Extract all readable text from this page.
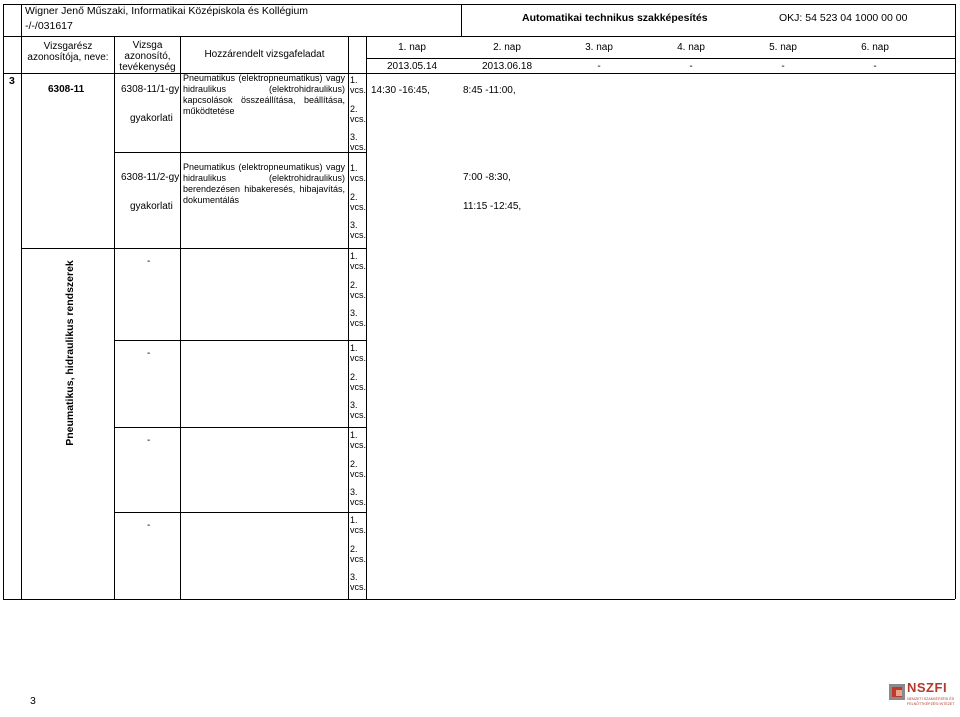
Wigner Jenő Műszaki, Informatikai Középiskola és Kollégium
-/-/031617
Automatikai technikus szakképesítés	OKJ: 54 523 04 1000 00 00
Vizsgarész azonosítója, neve:
Vizsga
azonosító,
tevékenység
Hozzárendelt vizsgafeladat
1. nap
2013.05.14
2. nap
2013.06.18
3. nap
-
4. nap
-
5. nap
-
6. nap
-
3
6308-11
Pneumatikus, hidraulikus rendszerek
6308-11/1-gy
gyakorlati
Pneumatikus (elektropneumatikus) vagy hidraulikus (elektrohidraulikus) kapcsolások összeállítása, beállítása, működtetése
6308-11/2-gy
gyakorlati
Pneumatikus (elektropneumatikus) vagy hidraulikus (elektrohidraulikus) berendezésen hibakeresés, hibajavítás, dokumentálás
-
-
-
-
1. vcs.
2. vcs.
3. vcs.
1. vcs.
2. vcs.
3. vcs.
1. vcs.
2. vcs.
3. vcs.
1. vcs.
2. vcs.
3. vcs.
1. vcs.
2. vcs.
3. vcs.
1. vcs.
2. vcs.
3. vcs.
14:30 -16:45,	8:45 -11:00,
7:00 -8:30,
11:15 -12:45,
3
NSZFI
NEMZETI SZAKKÉPZÉSI ÉS
FELNŐTTKÉPZÉSI INTÉZET
